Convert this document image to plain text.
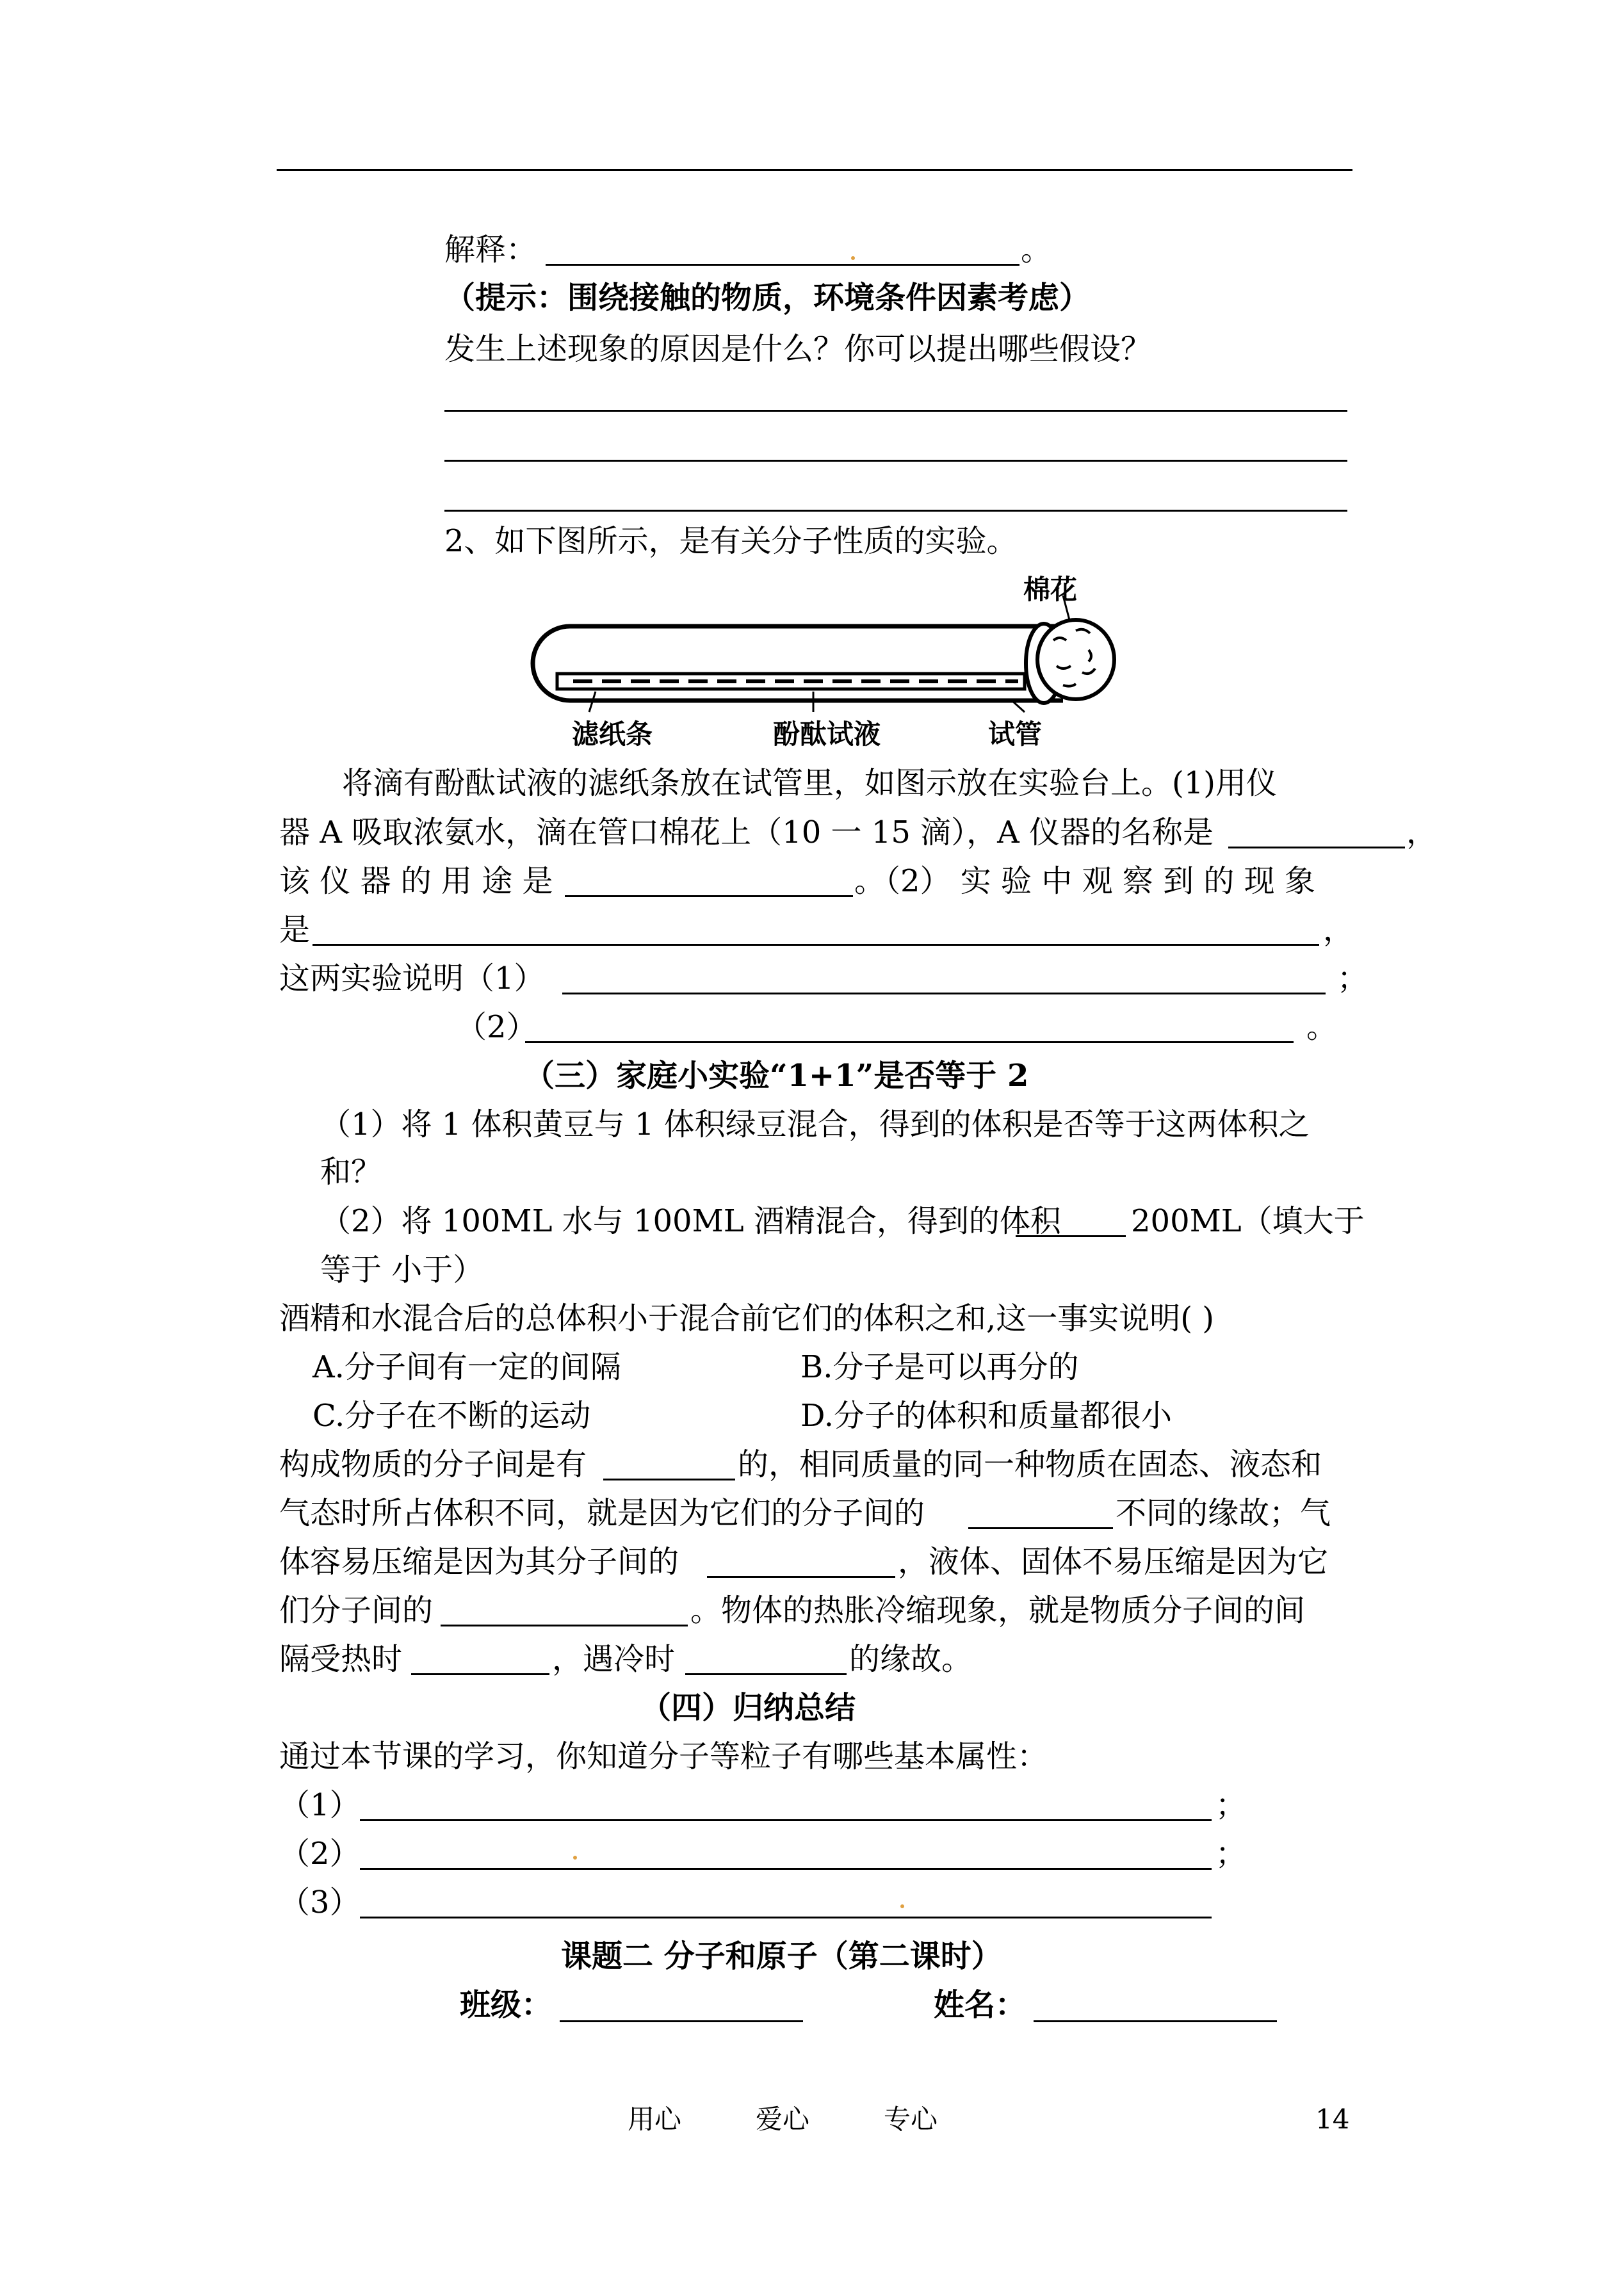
解释：	。
（提示：围绕接触的物质，环境条件因素考虑）
发生上述现象的原因是什么？你可以提出哪些假设？
2、如下图所示，是有关分子性质的实验。
棉花
滤纸条	酚酞试液	试管
将滴有酚酞试液的滤纸条放在试管里，如图示放在实验台上。(1)用仪
器 A 吸取浓氨水，滴在管口棉花上（10 一 15 滴），A 仪器的名称是	，
该 仪 器 的 用 途 是	。（2） 实 验 中 观 察 到 的 现 象
是	，
这两实验说明（1）	；
（2）	。
（三）家庭小实验“1+1”是否等于 2
（1）将 1 体积黄豆与 1 体积绿豆混合，得到的体积是否等于这两体积之
和？
（2）将 100ML 水与 100ML 酒精混合，得到的体积 200ML（填大于
等于 小于）
酒精和水混合后的总体积小于混合前它们的体积之和,这一事实说明( )
A.分子间有一定的间隔	B.分子是可以再分的
C.分子在不断的运动	D.分子的体积和质量都很小
构成物质的分子间是有	的，相同质量的同一种物质在固态、液态和
气态时所占体积不同，就是因为它们的分子间的	不同的缘故；气
体容易压缩是因为其分子间的	，液体、固体不易压缩是因为它
们分子间的	。物体的热胀冷缩现象，就是物质分子间的间
隔受热时	，遇冷时	的缘故。
（四）归纳总结
通过本节课的学习，你知道分子等粒子有哪些基本属性：
（1）	；
（2）	；
（3）
课题二 分子和原子（第二课时）
班级：	姓名：
用心	爱心	专心	14
